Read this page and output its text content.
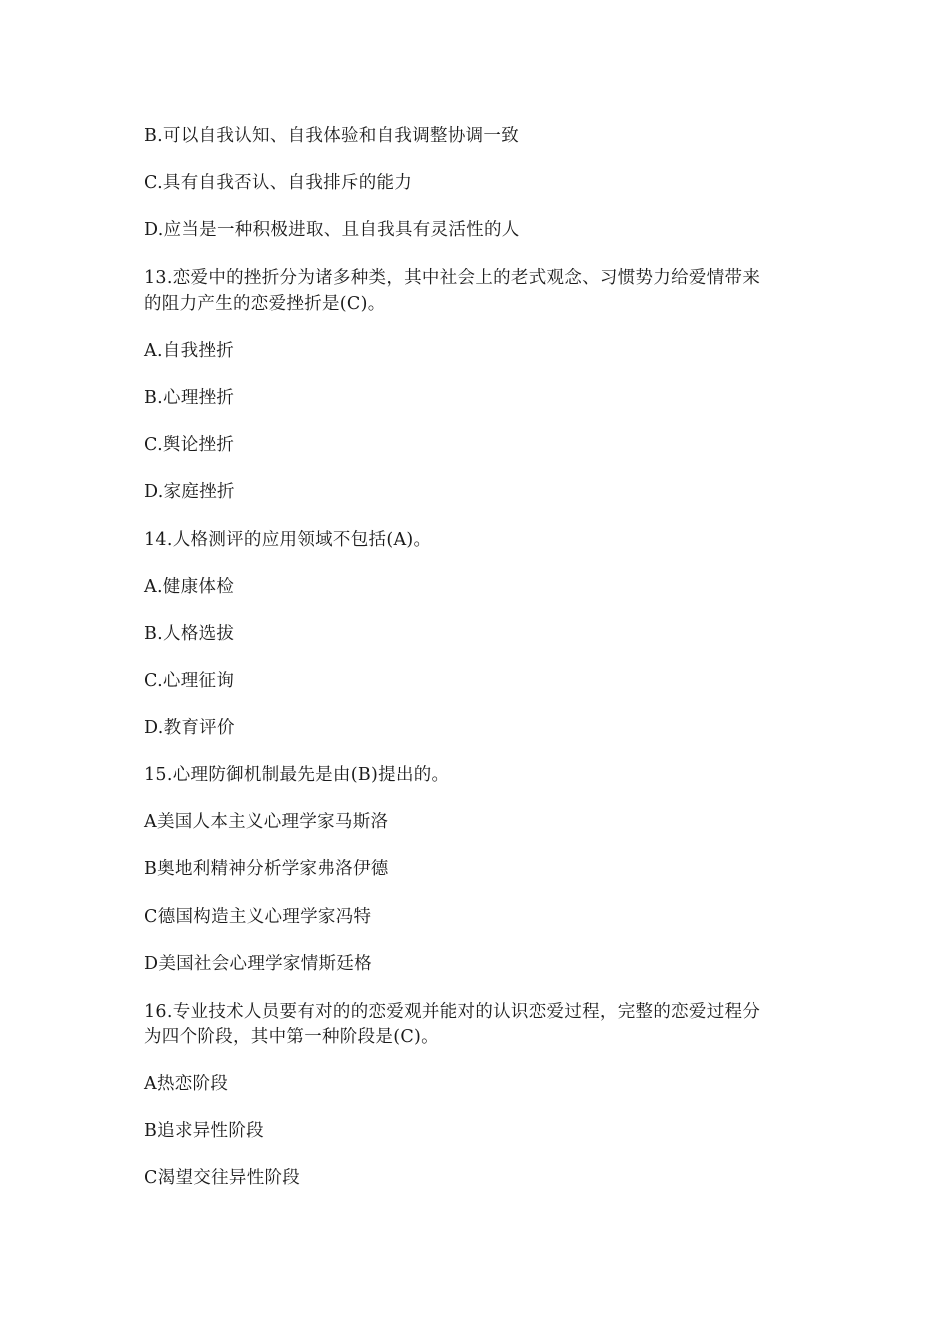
B.可以自我认知、自我体验和自我调整协调一致
C.具有自我否认、自我排斥的能力
D.应当是一种积极进取、且自我具有灵活性的人
13.恋爱中的挫折分为诸多种类，其中社会上的老式观念、习惯势力给爱情带来
的阻力产生的恋爱挫折是(C)。
A.自我挫折
B.心理挫折
C.舆论挫折
D.家庭挫折
14.人格测评的应用领域不包括(A)。
A.健康体检
B.人格选拔
C.心理征询
D.教育评价
15.心理防御机制最先是由(B)提出的。
A美国人本主义心理学家马斯洛
B奥地利精神分析学家弗洛伊德
C德国构造主义心理学家冯特
D美国社会心理学家情斯廷格
16.专业技术人员要有对的的恋爱观并能对的认识恋爱过程，完整的恋爱过程分
为四个阶段，其中第一种阶段是(C)。
A热恋阶段
B追求异性阶段
C渴望交往异性阶段
